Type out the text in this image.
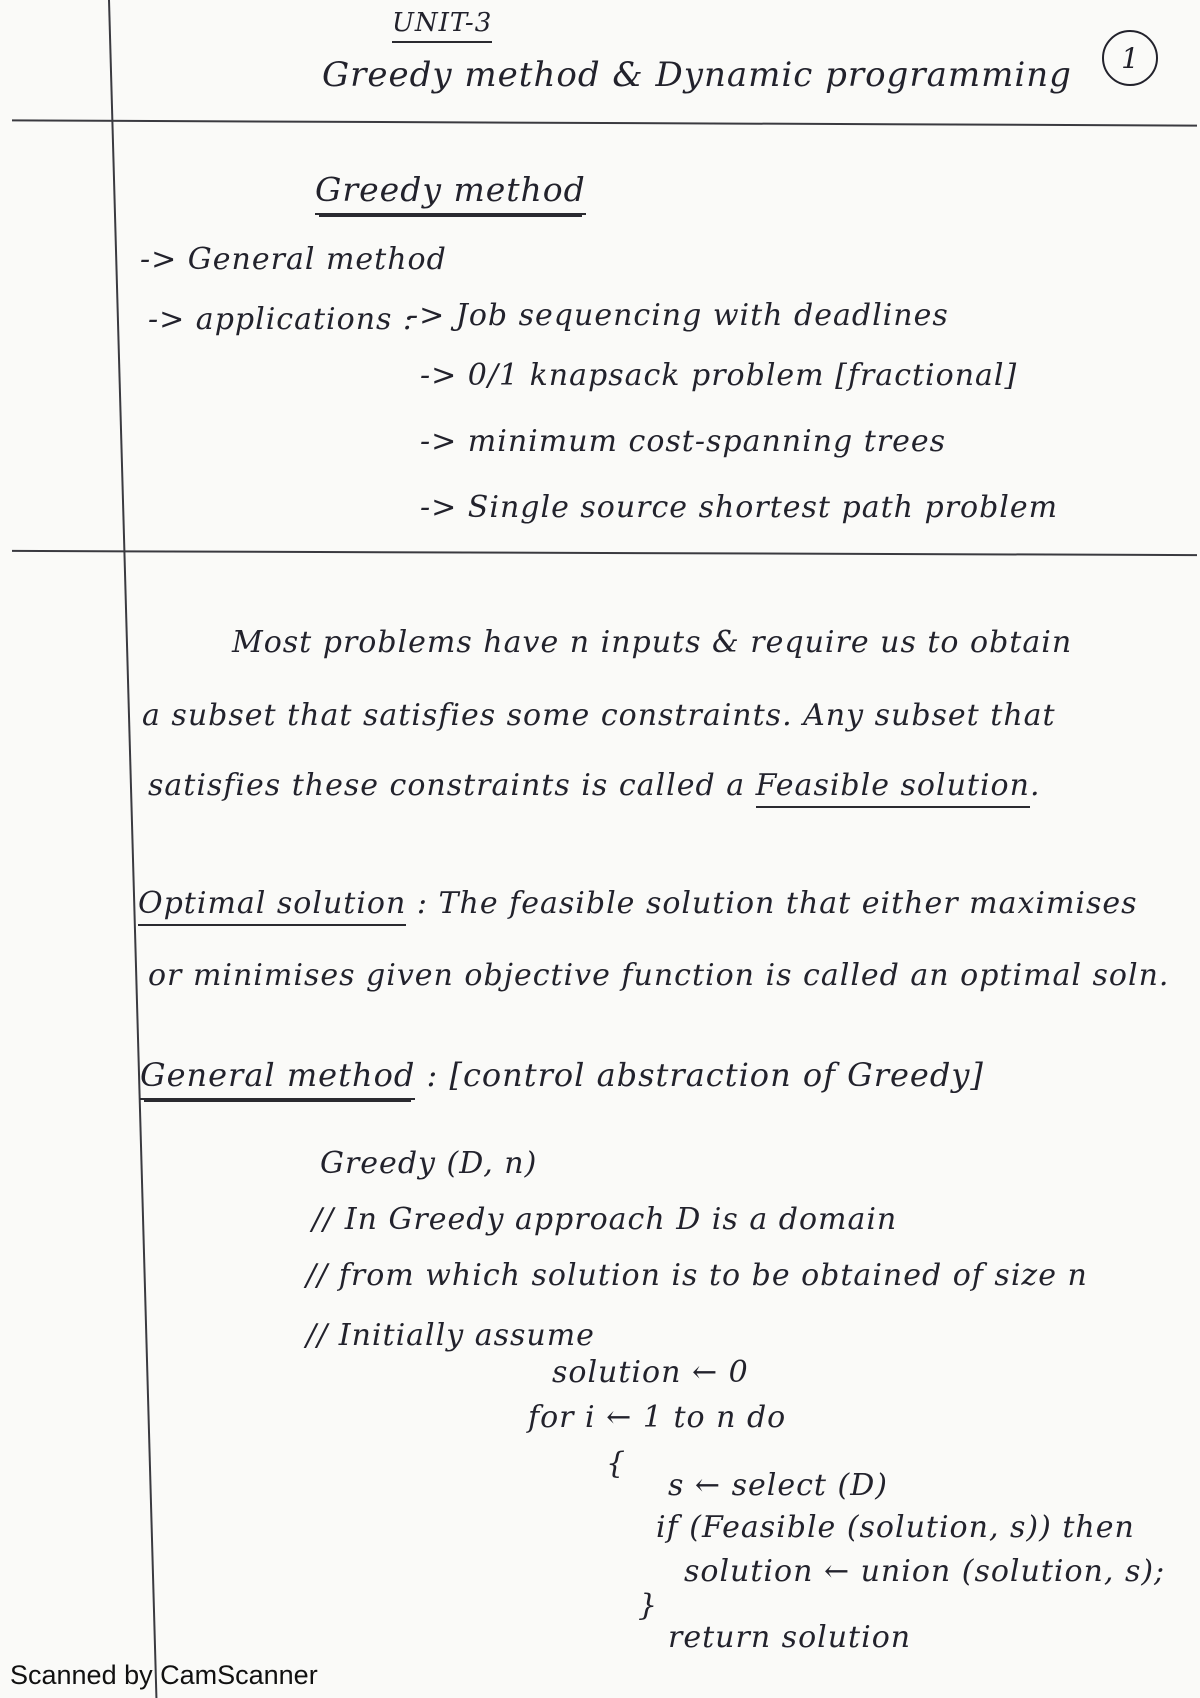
UNIT-3
Greedy method & Dynamic programming	1
Greedy method
-> General method
-> applications :
-> Job sequencing with deadlines
-> 0/1 knapsack problem [fractional]
-> minimum cost-spanning trees
-> Single source shortest path problem
Most problems have n inputs & require us to obtain
a subset that satisfies some constraints. Any subset that
satisfies these constraints is called a Feasible solution.
Optimal solution : The feasible solution that either maximises
or minimises given objective function is called an optimal soln.
General method : [control abstraction of Greedy]
Greedy (D, n)
// In Greedy approach D is a domain
// from which solution is to be obtained of size n
// Initially assume
solution ← 0
for i ← 1 to n do
{
s ← select (D)
if (Feasible (solution, s)) then
solution ← union (solution, s);
}
return solution
Scanned by CamScanner
